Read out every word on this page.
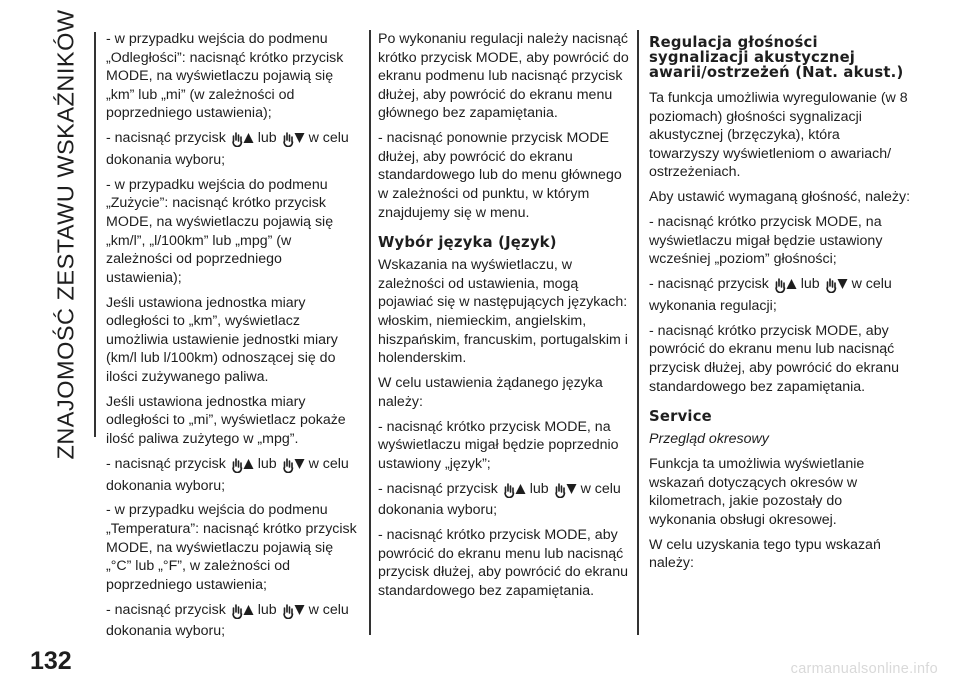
ZNAJOMOŚĆ ZESTAWU WSKAŹNIKÓW
132	carmanualsonline.info

- w przypadku wejścia do podmenu „Odległości”: nacisnąć krótko przycisk MODE, na wyświetlaczu pojawią się „km” lub „mi” (w zależności od poprzedniego ustawienia);

- nacisnąć przycisk lub w celu dokonania wyboru;

- w przypadku wejścia do podmenu „Zużycie”: nacisnąć krótko przycisk MODE, na wyświetlaczu pojawią się „km/l”, „l/100km” lub „mpg” (w zależności od poprzedniego ustawienia);

Jeśli ustawiona jednostka miary odległości to „km”, wyświetlacz umożliwia ustawienie jednostki miary (km/l lub l/100km) odnoszącej się do ilości zużywanego paliwa.

Jeśli ustawiona jednostka miary odległości to „mi”, wyświetlacz pokaże ilość paliwa zużytego w „mpg”.

- nacisnąć przycisk lub w celu dokonania wyboru;

- w przypadku wejścia do podmenu „Temperatura”: nacisnąć krótko przycisk MODE, na wyświetlaczu pojawią się „°C” lub „°F”, w zależności od poprzedniego ustawienia;

- nacisnąć przycisk lub w celu dokonania wyboru;

Po wykonaniu regulacji należy nacisnąć krótko przycisk MODE, aby powrócić do ekranu podmenu lub nacisnąć przycisk dłużej, aby powrócić do ekranu menu głównego bez zapamiętania.

- nacisnąć ponownie przycisk MODE dłużej, aby powrócić do ekranu standardowego lub do menu głównego w zależności od punktu, w którym znajdujemy się w menu.

Wybór języka (Język)

Wskazania na wyświetlaczu, w zależności od ustawienia, mogą pojawiać się w następujących językach: włoskim, niemieckim, angielskim, hiszpańskim, francuskim, portugalskim i holenderskim.

W celu ustawienia żądanego języka należy:

- nacisnąć krótko przycisk MODE, na wyświetlaczu migał będzie poprzednio ustawiony „język”;

- nacisnąć przycisk lub w celu dokonania wyboru;

- nacisnąć krótko przycisk MODE, aby powrócić do ekranu menu lub nacisnąć przycisk dłużej, aby powrócić do ekranu standardowego bez zapamiętania.

Regulacja głośności sygnalizacji akustycznej awarii/ostrzeżeń (Nat. akust.)

Ta funkcja umożliwia wyregulowanie (w 8 poziomach) głośności sygnalizacji akustycznej (brzęczyka), która towarzyszy wyświetleniom o awariach/ ostrzeżeniach.

Aby ustawić wymaganą głośność, należy:

- nacisnąć krótko przycisk MODE, na wyświetlaczu migał będzie ustawiony wcześniej „poziom” głośności;

- nacisnąć przycisk lub w celu wykonania regulacji;

- nacisnąć krótko przycisk MODE, aby powrócić do ekranu menu lub nacisnąć przycisk dłużej, aby powrócić do ekranu standardowego bez zapamiętania.

Service

Przegląd okresowy

Funkcja ta umożliwia wyświetlanie wskazań dotyczących okresów w kilometrach, jakie pozostały do wykonania obsługi okresowej.

W celu uzyskania tego typu wskazań należy:
